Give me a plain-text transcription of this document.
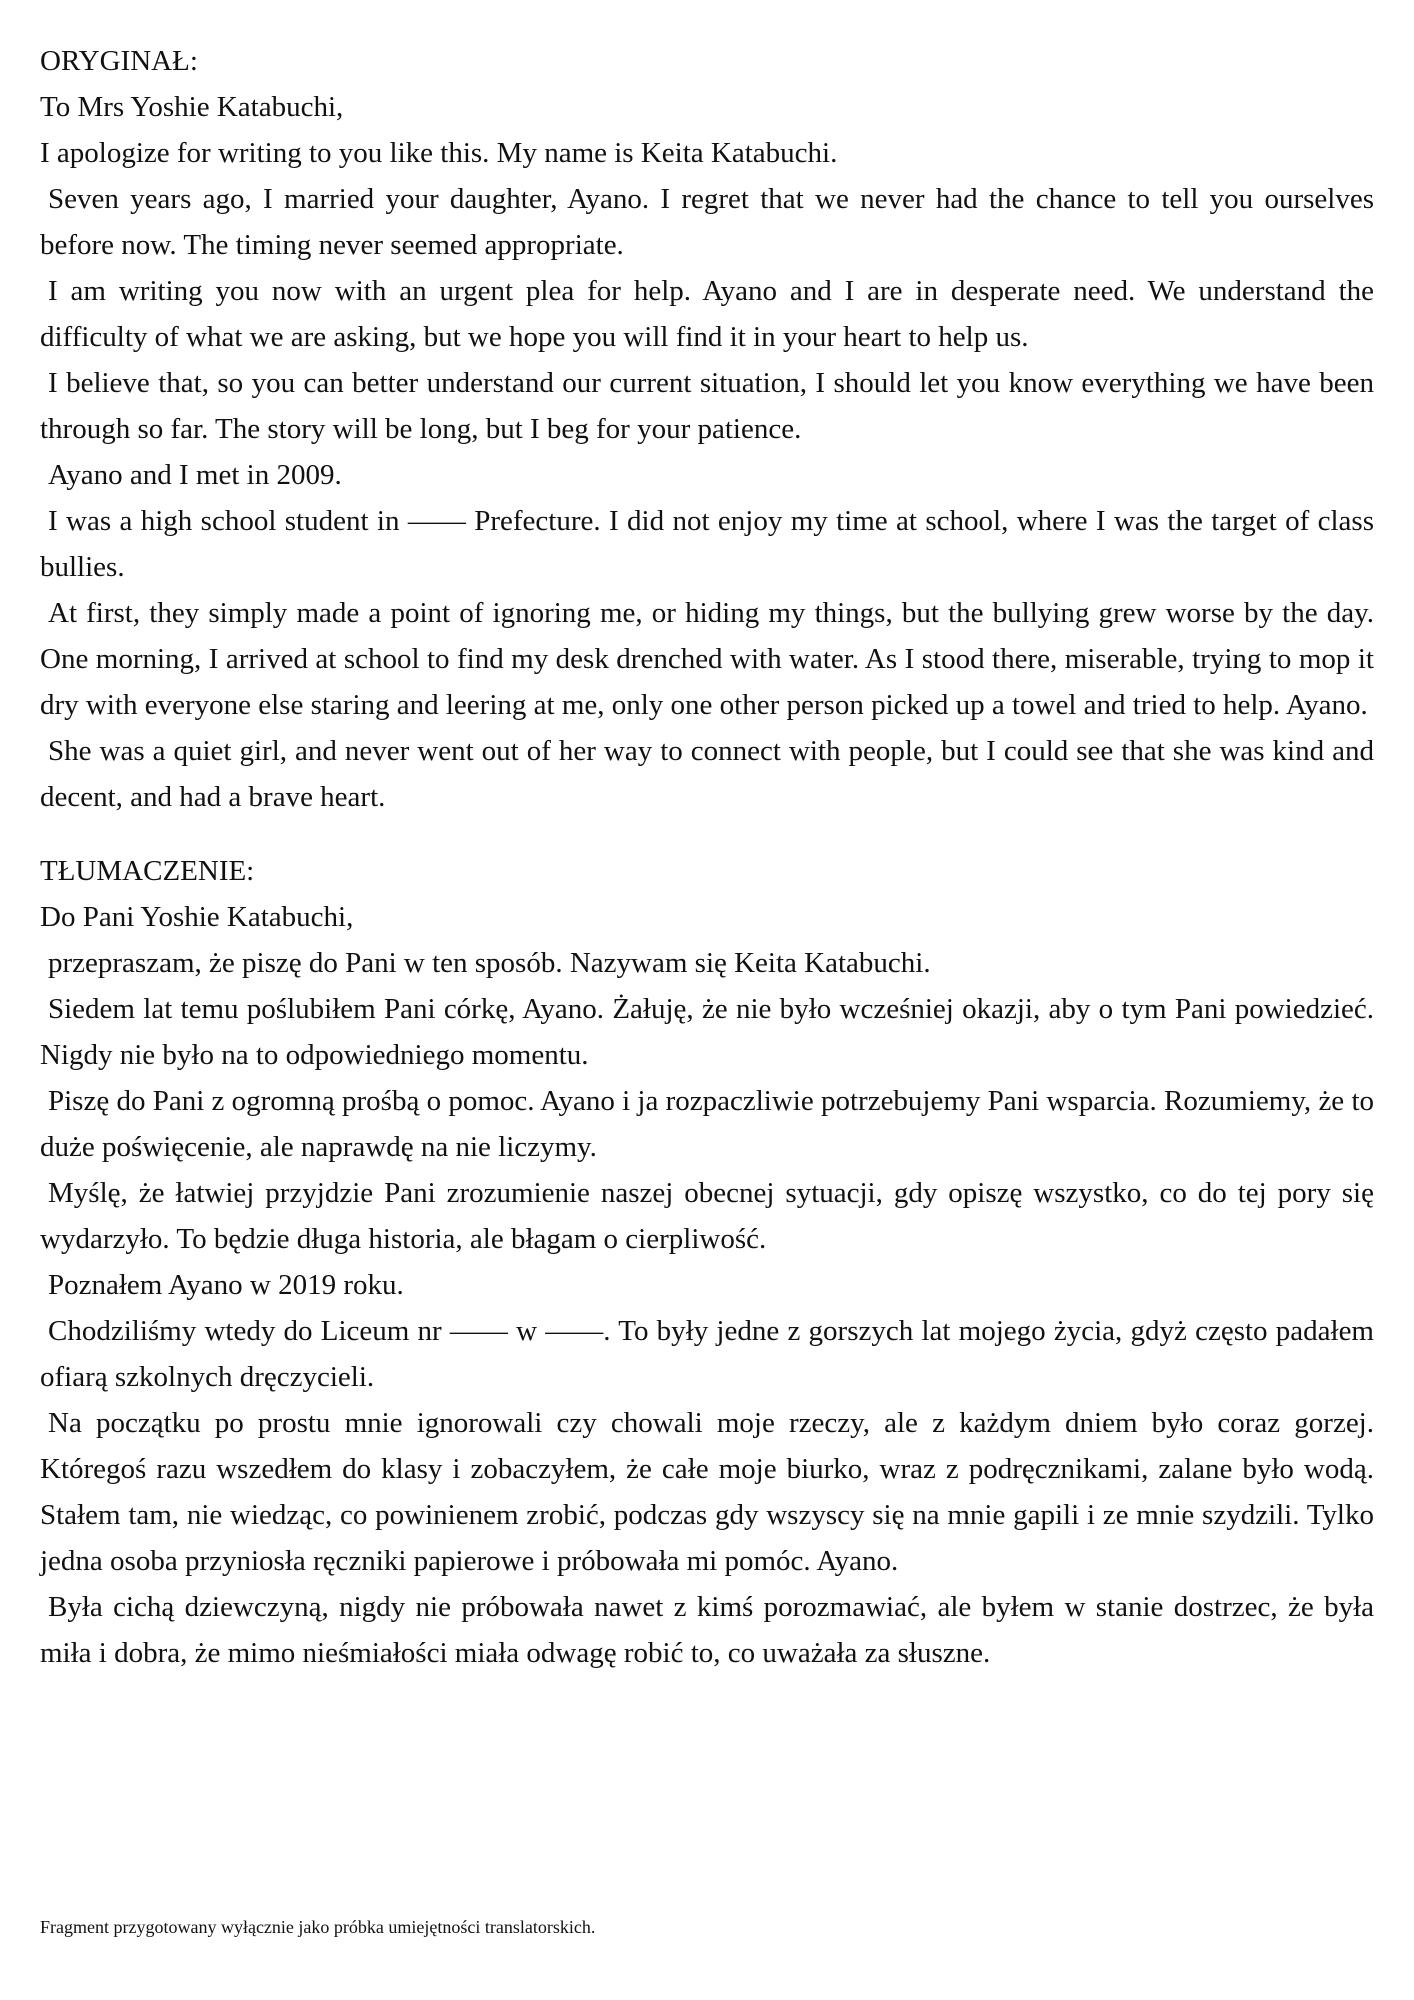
ORYGINAŁ:

To Mrs Yoshie Katabuchi,

I apologize for writing to you like this. My name is Keita Katabuchi.

Seven years ago, I married your daughter, Ayano. I regret that we never had the chance to tell you ourselves before now. The timing never seemed appropriate.

I am writing you now with an urgent plea for help. Ayano and I are in desperate need. We understand the difficulty of what we are asking, but we hope you will find it in your heart to help us.

I believe that, so you can better understand our current situation, I should let you know everything we have been through so far. The story will be long, but I beg for your patience.

Ayano and I met in 2009.

I was a high school student in —— Prefecture. I did not enjoy my time at school, where I was the target of class bullies.

At first, they simply made a point of ignoring me, or hiding my things, but the bullying grew worse by the day. One morning, I arrived at school to find my desk drenched with water. As I stood there, miserable, trying to mop it dry with everyone else staring and leering at me, only one other person picked up a towel and tried to help. Ayano.

She was a quiet girl, and never went out of her way to connect with people, but I could see that she was kind and decent, and had a brave heart.

TŁUMACZENIE:

Do Pani Yoshie Katabuchi,

przepraszam, że piszę do Pani w ten sposób. Nazywam się Keita Katabuchi.

Siedem lat temu poślubiłem Pani córkę, Ayano. Żałuję, że nie było wcześniej okazji, aby o tym Pani powiedzieć. Nigdy nie było na to odpowiedniego momentu.

Piszę do Pani z ogromną prośbą o pomoc. Ayano i ja rozpaczliwie potrzebujemy Pani wsparcia. Rozumiemy, że to duże poświęcenie, ale naprawdę na nie liczymy.

Myślę, że łatwiej przyjdzie Pani zrozumienie naszej obecnej sytuacji, gdy opiszę wszystko, co do tej pory się wydarzyło. To będzie długa historia, ale błagam o cierpliwość.

Poznałem Ayano w 2019 roku.

Chodziliśmy wtedy do Liceum nr —— w ——. To były jedne z gorszych lat mojego życia, gdyż często padałem ofiarą szkolnych dręczycieli.

Na początku po prostu mnie ignorowali czy chowali moje rzeczy, ale z każdym dniem było coraz gorzej. Któregoś razu wszedłem do klasy i zobaczyłem, że całe moje biurko, wraz z podręcznikami, zalane było wodą. Stałem tam, nie wiedząc, co powinienem zrobić, podczas gdy wszyscy się na mnie gapili i ze mnie szydzili. Tylko jedna osoba przyniosła ręczniki papierowe i próbowała mi pomóc. Ayano.

Była cichą dziewczyną, nigdy nie próbowała nawet z kimś porozmawiać, ale byłem w stanie dostrzec, że była miła i dobra, że mimo nieśmiałości miała odwagę robić to, co uważała za słuszne.

Fragment przygotowany wyłącznie jako próbka umiejętności translatorskich.
